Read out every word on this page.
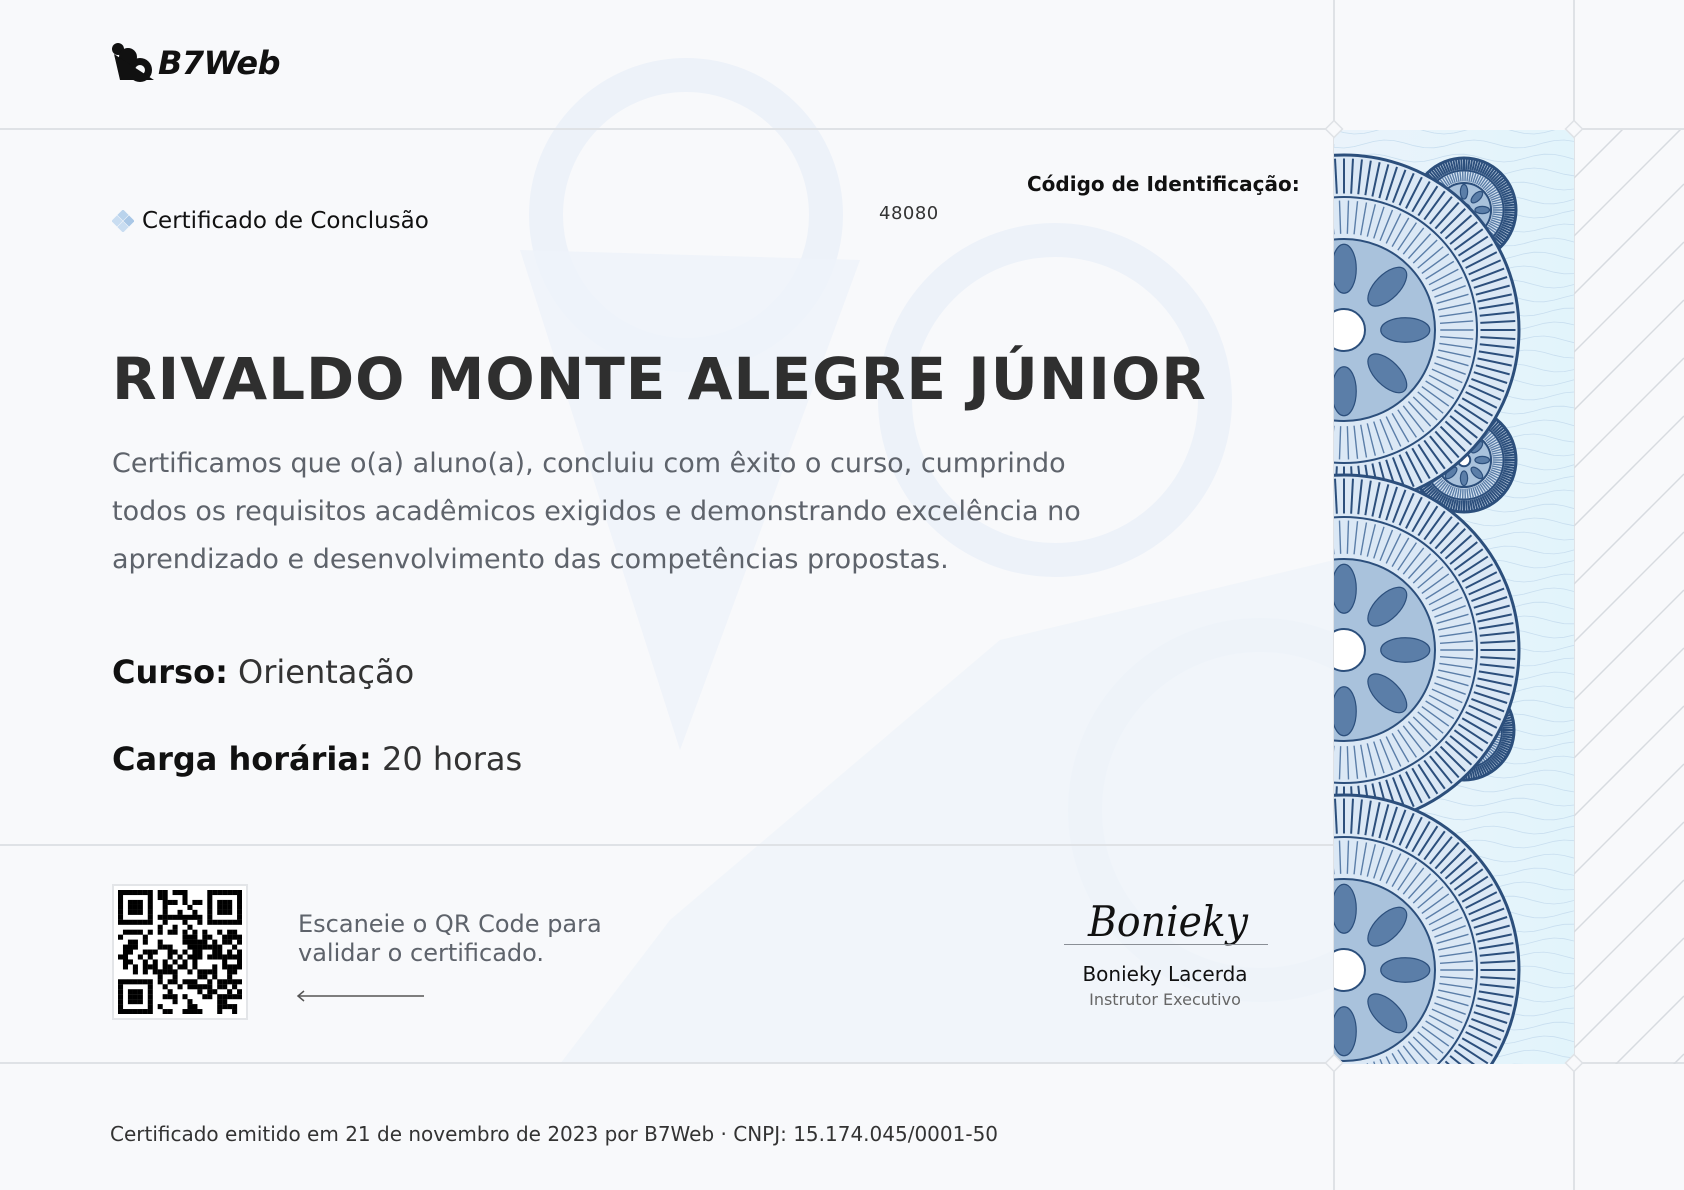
B7Web
Certificado de Conclusão
Código de Identificação:
48080
RIVALDO MONTE ALEGRE JÚNIOR
Certificamos que o(a) aluno(a), concluiu com êxito o curso, cumprindo todos os requisitos acadêmicos exigidos e demonstrando excelência no aprendizado e desenvolvimento das competências propostas.
Curso: Orientação
Carga horária: 20 horas
Escaneie o QR Code para
validar o certificado.
Bonieky
Bonieky Lacerda
Instrutor Executivo
Certificado emitido em 21 de novembro de 2023 por B7Web · CNPJ: 15.174.045/0001-50
